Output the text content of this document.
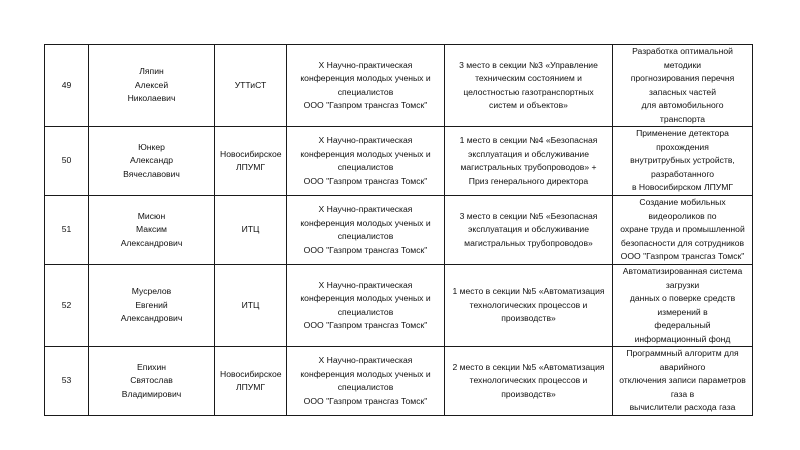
49	Ляпин
Алексей
Николаевич	УТТиСТ	X Научно-практическая
конференция молодых ученых и
специалистов
ООО "Газпром трансгаз Томск"	3 место в секции №3 «Управление
техническим состоянием и
целостностью газотранспортных
систем и объектов»	Разработка оптимальной методики
прогнозирования перечня запасных частей
для автомобильного транспорта
50	Юнкер
Александр
Вячеславович	Новосибирское
ЛПУМГ	X Научно-практическая
конференция молодых ученых и
специалистов
ООО "Газпром трансгаз Томск"	1 место в секции №4 «Безопасная
эксплуатация и обслуживание
магистральных трубопроводов» +
Приз генерального директора	Применение детектора прохождения
внутритрубных устройств, разработанного
в Новосибирском ЛПУМГ
51	Мисюн
Максим
Александрович	ИТЦ	X Научно-практическая
конференция молодых ученых и
специалистов
ООО "Газпром трансгаз Томск"	3 место в секции №5 «Безопасная
эксплуатация и обслуживание
магистральных трубопроводов»	Создание мобильных видеороликов по
охране труда и промышленной
безопасности для сотрудников
ООО "Газпром трансгаз Томск"
52	Мусрелов
Евгений
Александрович	ИТЦ	X Научно-практическая
конференция молодых ученых и
специалистов
ООО "Газпром трансгаз Томск"	1 место в секции №5 «Автоматизация
технологических процессов и
производств»	Автоматизированная система загрузки
данных о поверке средств измерений в
федеральный информационный фонд
53	Епихин
Святослав
Владимирович	Новосибирское
ЛПУМГ	X Научно-практическая
конференция молодых ученых и
специалистов
ООО "Газпром трансгаз Томск"	2 место в секции №5 «Автоматизация
технологических процессов и
производств»	Программный алгоритм для аварийного
отключения записи параметров газа в
вычислители расхода газа
